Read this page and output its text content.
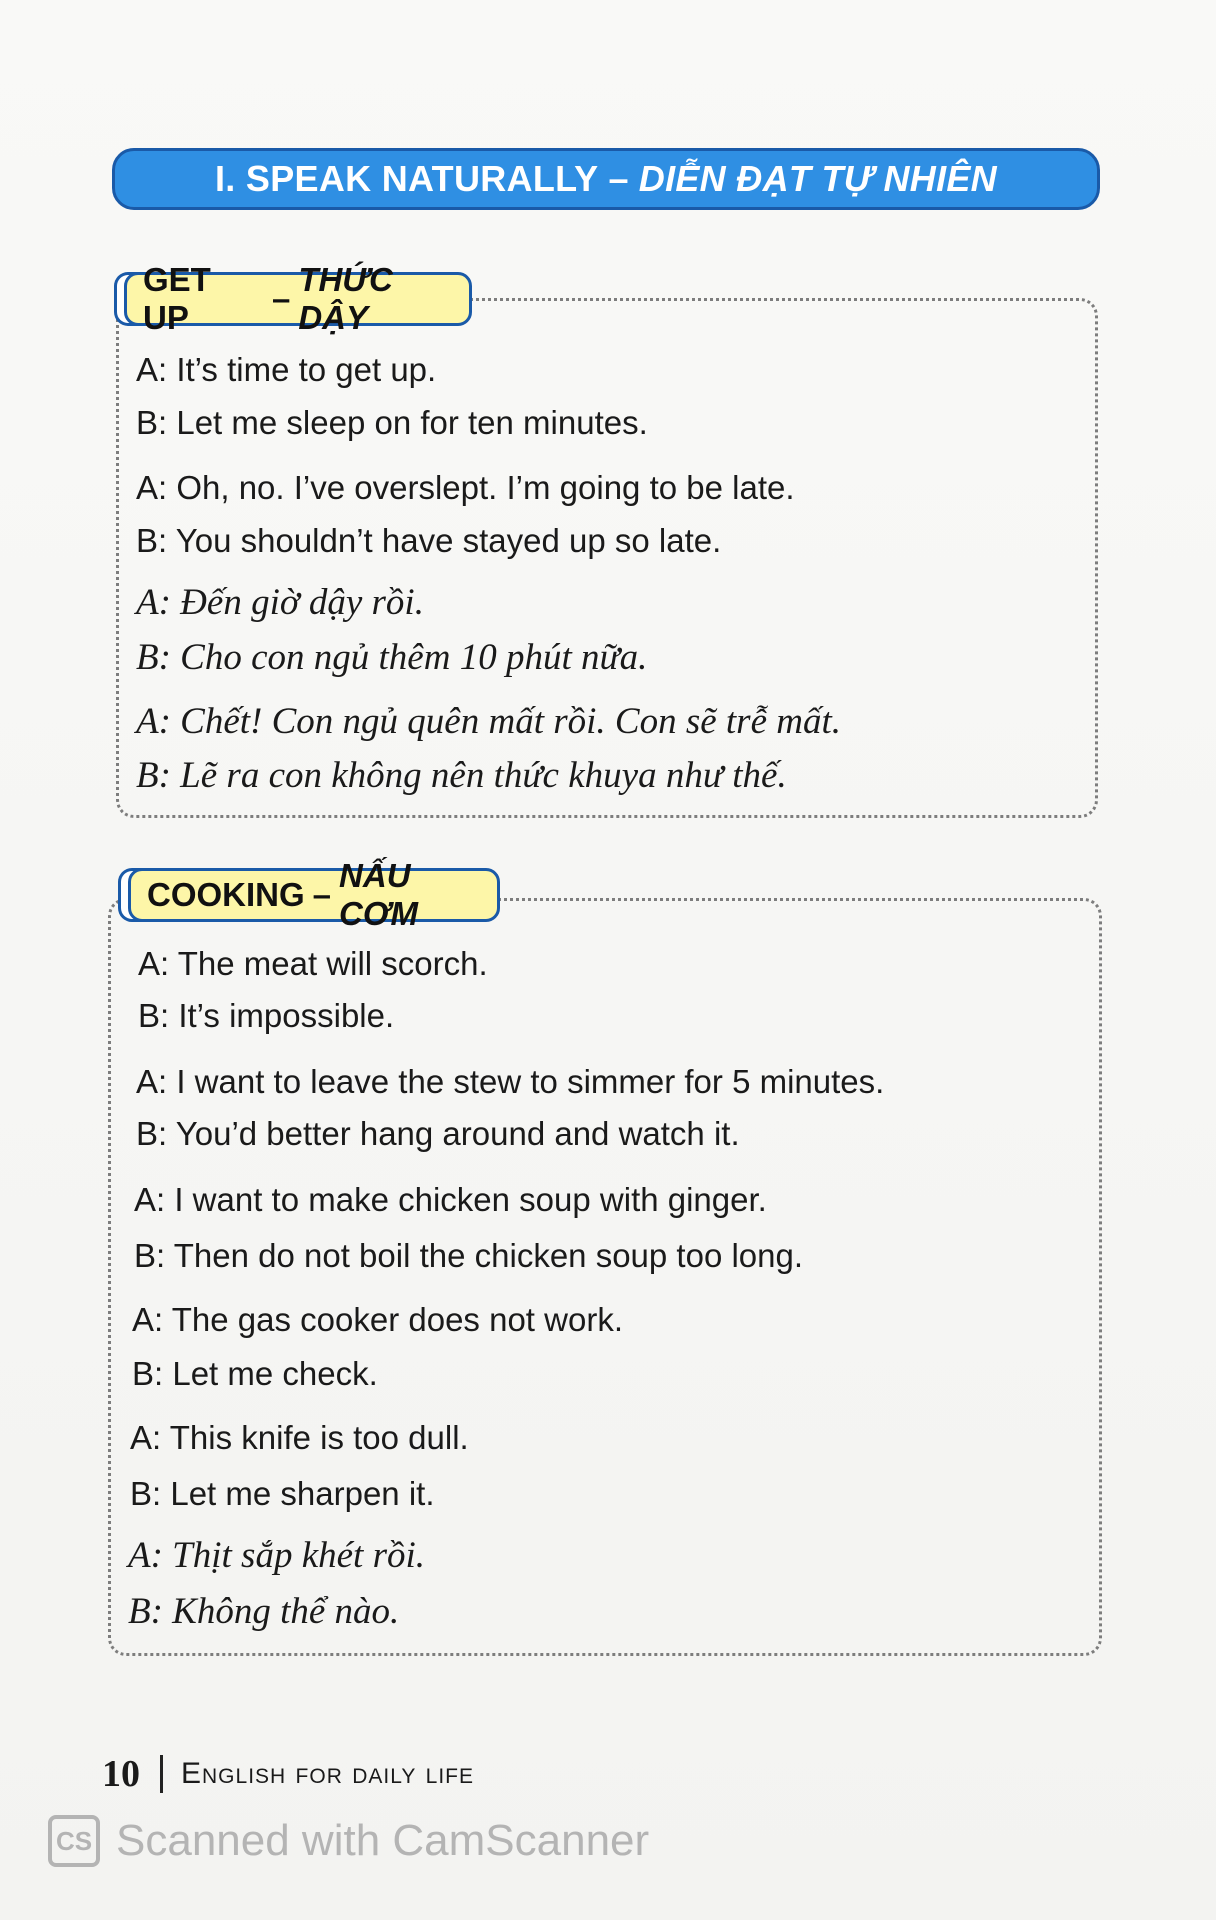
I. SPEAK NATURALLY – DIỄN ĐẠT TỰ NHIÊN
GET UP
–
THỨC DẬY
A: It’s time to get up.
B: Let me sleep on for ten minutes.
A: Oh, no. I’ve overslept. I’m going to be late.
B: You shouldn’t have stayed up so late.
A: Đến giờ dậy rồi.
B: Cho con ngủ thêm 10 phút nữa.
A: Chết! Con ngủ quên mất rồi. Con sẽ trễ mất.
B: Lẽ ra con không nên thức khuya như thế.
COOKING –
NẤU CƠM
A: The meat will scorch.
B: It’s impossible.
A: I want to leave the stew to simmer for 5 minutes.
B: You’d better hang around and watch it.
A: I want to make chicken soup with ginger.
B: Then do not boil the chicken soup too long.
A: The gas cooker does not work.
B: Let me check.
A: This knife is too dull.
B: Let me sharpen it.
A: Thịt sắp khét rồi.
B: Không thể nào.
10 English for daily life
CS Scanned with CamScanner
